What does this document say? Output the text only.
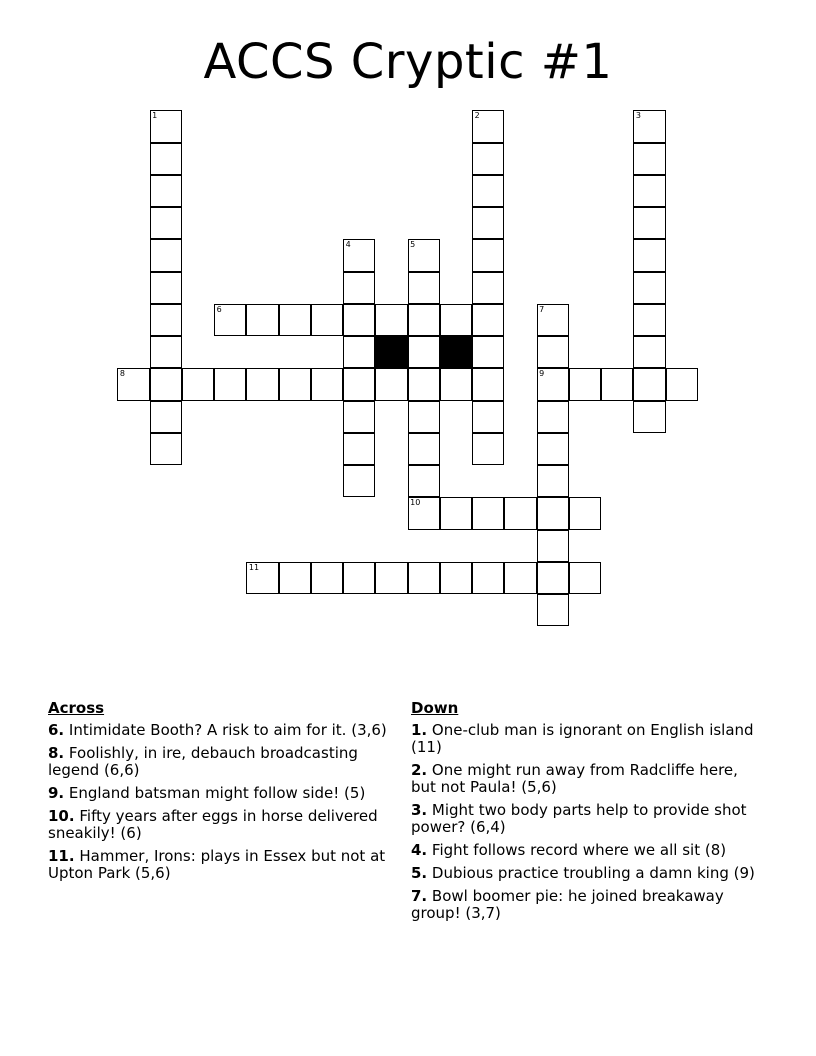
ACCS Cryptic #1
1	2	3
4	5
6	7
8	9
10
11
Across
6. Intimidate Booth? A risk to aim for it. (3,6)
8. Foolishly, in ire, debauch broadcasting legend (6,6)
9. England batsman might follow side! (5)
10. Fifty years after eggs in horse delivered sneakily! (6)
11. Hammer, Irons: plays in Essex but not at Upton Park (5,6)
Down
1. One-club man is ignorant on English island (11)
2. One might run away from Radcliffe here, but not Paula! (5,6)
3. Might two body parts help to provide shot power? (6,4)
4. Fight follows record where we all sit (8)
5. Dubious practice troubling a damn king (9)
7. Bowl boomer pie: he joined breakaway group! (3,7)
